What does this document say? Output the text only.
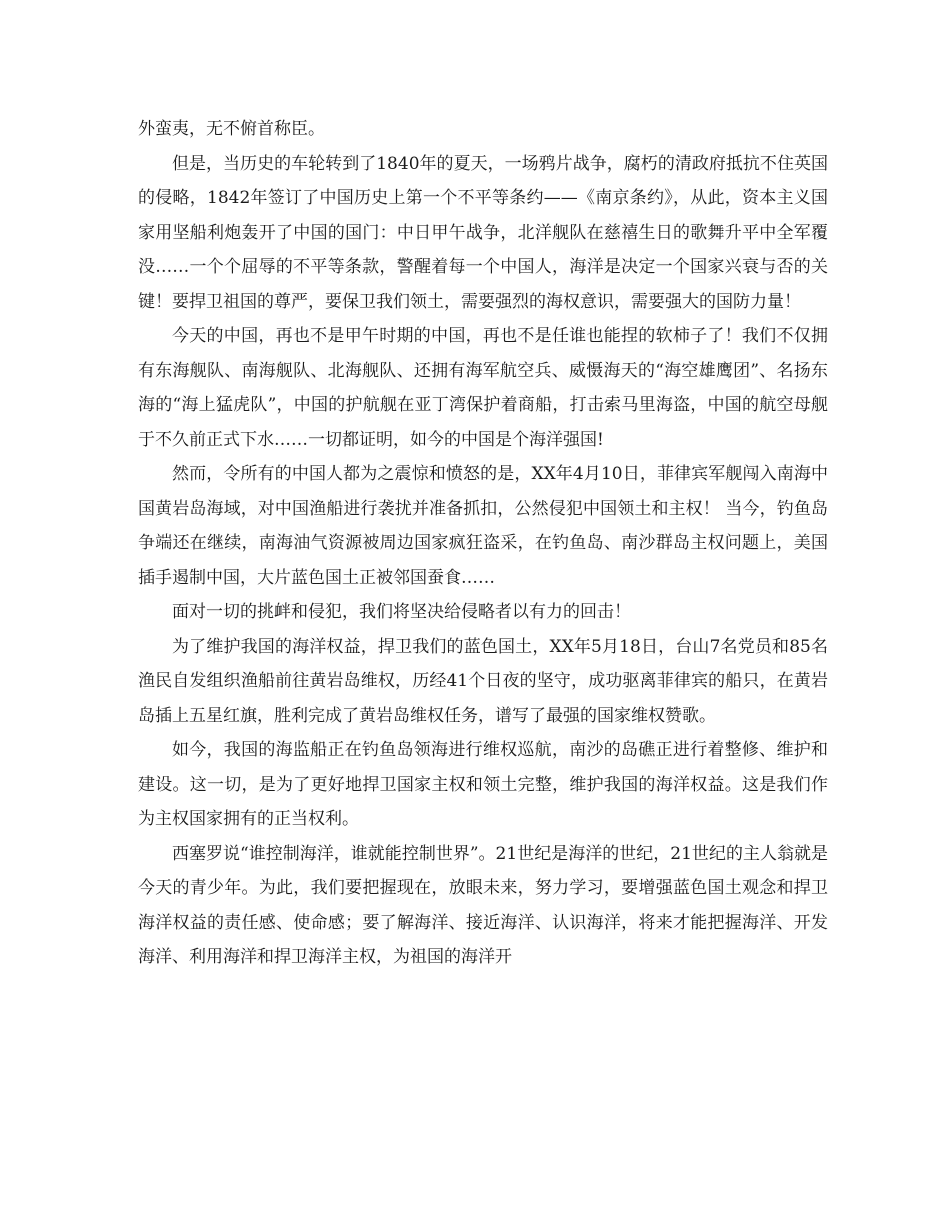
外蛮夷，无不俯首称臣。

但是，当历史的车轮转到了1840年的夏天，一场鸦片战争，腐朽的清政府抵抗不住英国的侵略，1842年签订了中国历史上第一个不平等条约——《南京条约》，从此，资本主义国家用坚船利炮轰开了中国的国门：中日甲午战争，北洋舰队在慈禧生日的歌舞升平中全军覆没……一个个屈辱的不平等条款，警醒着每一个中国人，海洋是决定一个国家兴衰与否的关键！要捍卫祖国的尊严，要保卫我们领土，需要强烈的海权意识，需要强大的国防力量！

今天的中国，再也不是甲午时期的中国，再也不是任谁也能捏的软柿子了！我们不仅拥有东海舰队、南海舰队、北海舰队、还拥有海军航空兵、威慑海天的“海空雄鹰团”、名扬东海的“海上猛虎队”，中国的护航舰在亚丁湾保护着商船，打击索马里海盗，中国的航空母舰于不久前正式下水……一切都证明，如今的中国是个海洋强国!

然而，令所有的中国人都为之震惊和愤怒的是，XX年4月10日，菲律宾军舰闯入南海中国黄岩岛海域，对中国渔船进行袭扰并准备抓扣，公然侵犯中国领土和主权！ 当今，钓鱼岛争端还在继续，南海油气资源被周边国家疯狂盗采，在钓鱼岛、南沙群岛主权问题上，美国插手遏制中国，大片蓝色国土正被邻国蚕食……

面对一切的挑衅和侵犯，我们将坚决给侵略者以有力的回击！

为了维护我国的海洋权益，捍卫我们的蓝色国土，XX年5月18日，台山7名党员和85名渔民自发组织渔船前往黄岩岛维权，历经41个日夜的坚守，成功驱离菲律宾的船只，在黄岩岛插上五星红旗，胜利完成了黄岩岛维权任务，谱写了最强的国家维权赞歌。

如今，我国的海监船正在钓鱼岛领海进行维权巡航，南沙的岛礁正进行着整修、维护和建设。这一切，是为了更好地捍卫国家主权和领土完整，维护我国的海洋权益。这是我们作为主权国家拥有的正当权利。

西塞罗说“谁控制海洋，谁就能控制世界”。21世纪是海洋的世纪，21世纪的主人翁就是今天的青少年。为此，我们要把握现在，放眼未来，努力学习，要增强蓝色国土观念和捍卫海洋权益的责任感、使命感；要了解海洋、接近海洋、认识海洋，将来才能把握海洋、开发海洋、利用海洋和捍卫海洋主权，为祖国的海洋开
